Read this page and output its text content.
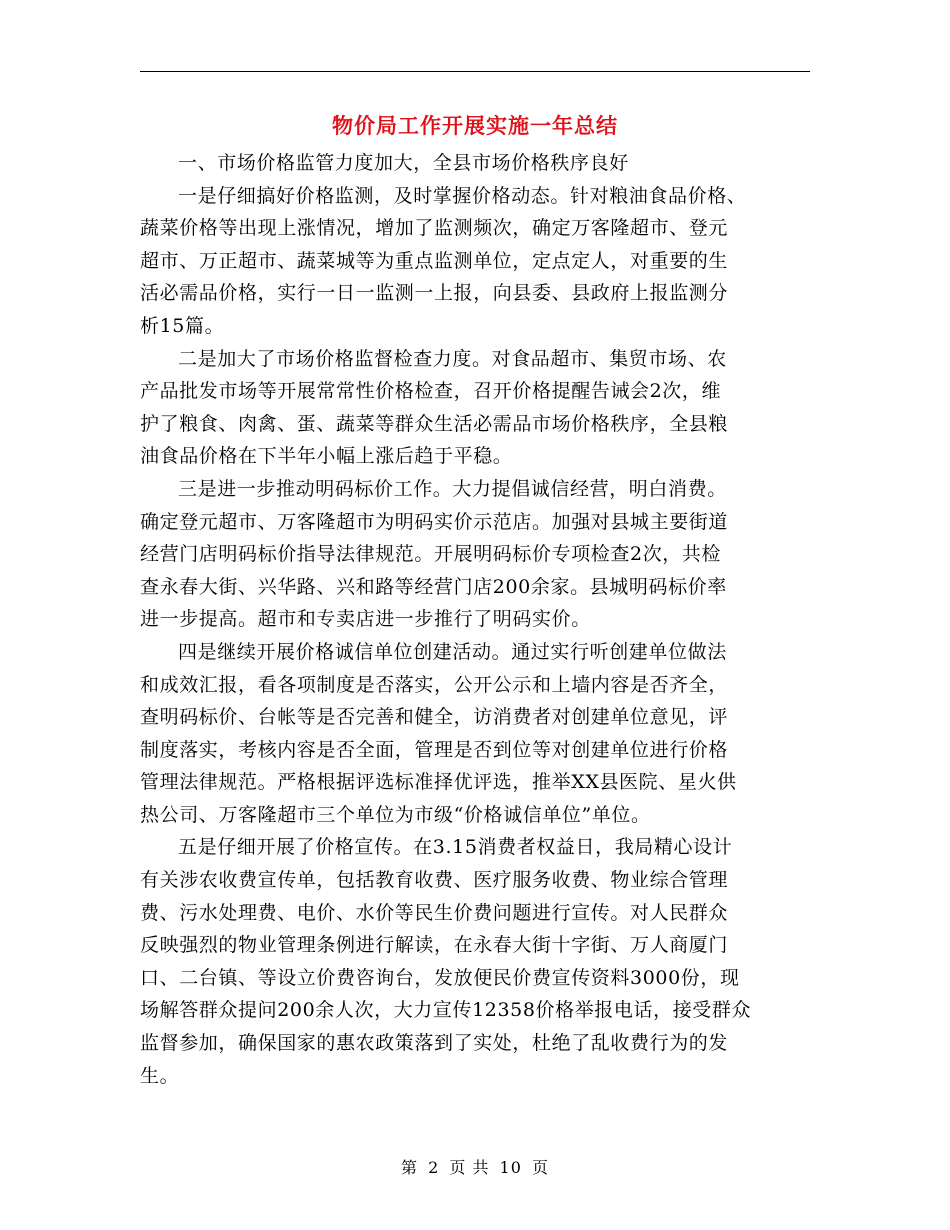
物价局工作开展实施一年总结
一、市场价格监管力度加大，全县市场价格秩序良好
一是仔细搞好价格监测，及时掌握价格动态。针对粮油食品价格、
蔬菜价格等出现上涨情况，增加了监测频次，确定万客隆超市、登元
超市、万正超市、蔬菜城等为重点监测单位，定点定人，对重要的生
活必需品价格，实行一日一监测一上报，向县委、县政府上报监测分
析15篇。
二是加大了市场价格监督检查力度。对食品超市、集贸市场、农
产品批发市场等开展常常性价格检查，召开价格提醒告诫会2次，维
护了粮食、肉禽、蛋、蔬菜等群众生活必需品市场价格秩序，全县粮
油食品价格在下半年小幅上涨后趋于平稳。
三是进一步推动明码标价工作。大力提倡诚信经营，明白消费。
确定登元超市、万客隆超市为明码实价示范店。加强对县城主要街道
经营门店明码标价指导法律规范。开展明码标价专项检查2次，共检
查永春大街、兴华路、兴和路等经营门店200余家。县城明码标价率
进一步提高。超市和专卖店进一步推行了明码实价。
四是继续开展价格诚信单位创建活动。通过实行听创建单位做法
和成效汇报，看各项制度是否落实，公开公示和上墙内容是否齐全，
查明码标价、台帐等是否完善和健全，访消费者对创建单位意见，评
制度落实，考核内容是否全面，管理是否到位等对创建单位进行价格
管理法律规范。严格根据评选标准择优评选，推举XX县医院、星火供
热公司、万客隆超市三个单位为市级“价格诚信单位”单位。
五是仔细开展了价格宣传。在3.15消费者权益日，我局精心设计
有关涉农收费宣传单，包括教育收费、医疗服务收费、物业综合管理
费、污水处理费、电价、水价等民生价费问题进行宣传。对人民群众
反映强烈的物业管理条例进行解读，在永春大街十字街、万人商厦门
口、二台镇、等设立价费咨询台，发放便民价费宣传资料3000份，现
场解答群众提问200余人次，大力宣传12358价格举报电话，接受群众
监督参加，确保国家的惠农政策落到了实处，杜绝了乱收费行为的发
生。
第 2 页 共 10 页
